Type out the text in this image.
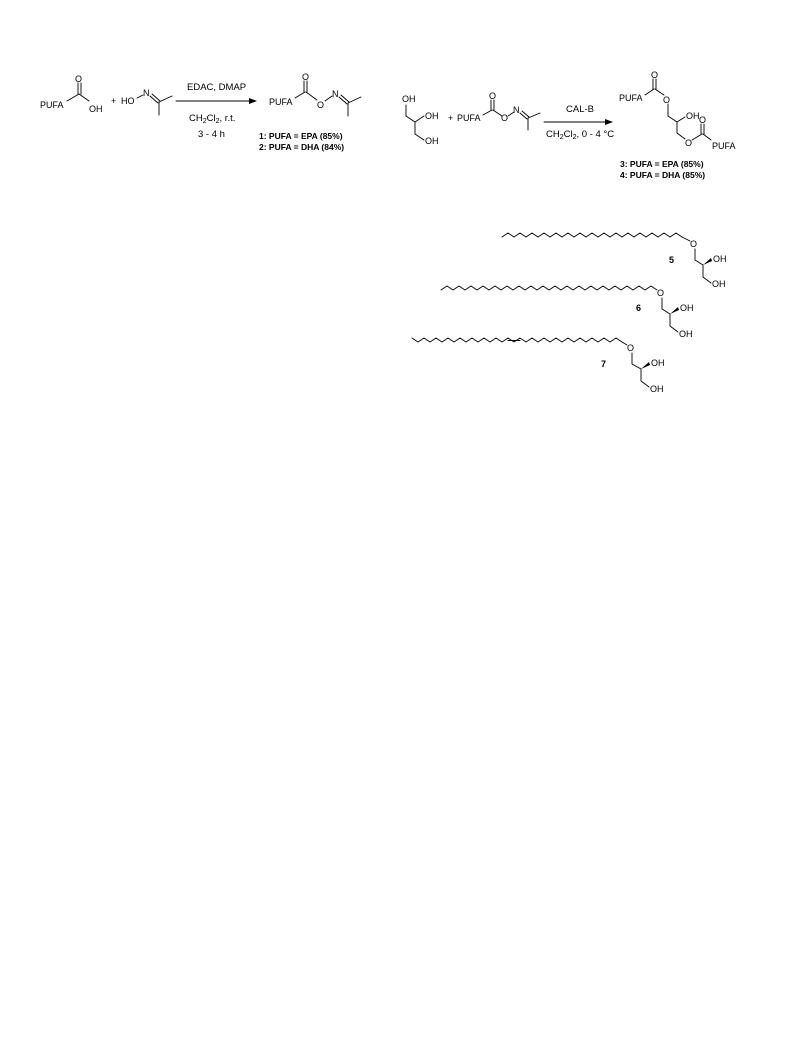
O
PUFA	OH
+ HO
N	EDAC, DMAP
$CH_2Cl_2$, r.t.
3 - 4 h
O
PUFA	O
N
1: PUFA = EPA (85%)
2: PUFA = DHA (84%)
OH
OH
OH
+ PUFA
O
O
N	CAL-B
$CH_2Cl_2$, 0 - 4 °C
PUFA
O
O
OH
O
O
PUFA
3: PUFA = EPA (85%)
4: PUFA = DHA (85%)
O
OH
OH
5
O
OH
OH
6
O
OH
OH
7
